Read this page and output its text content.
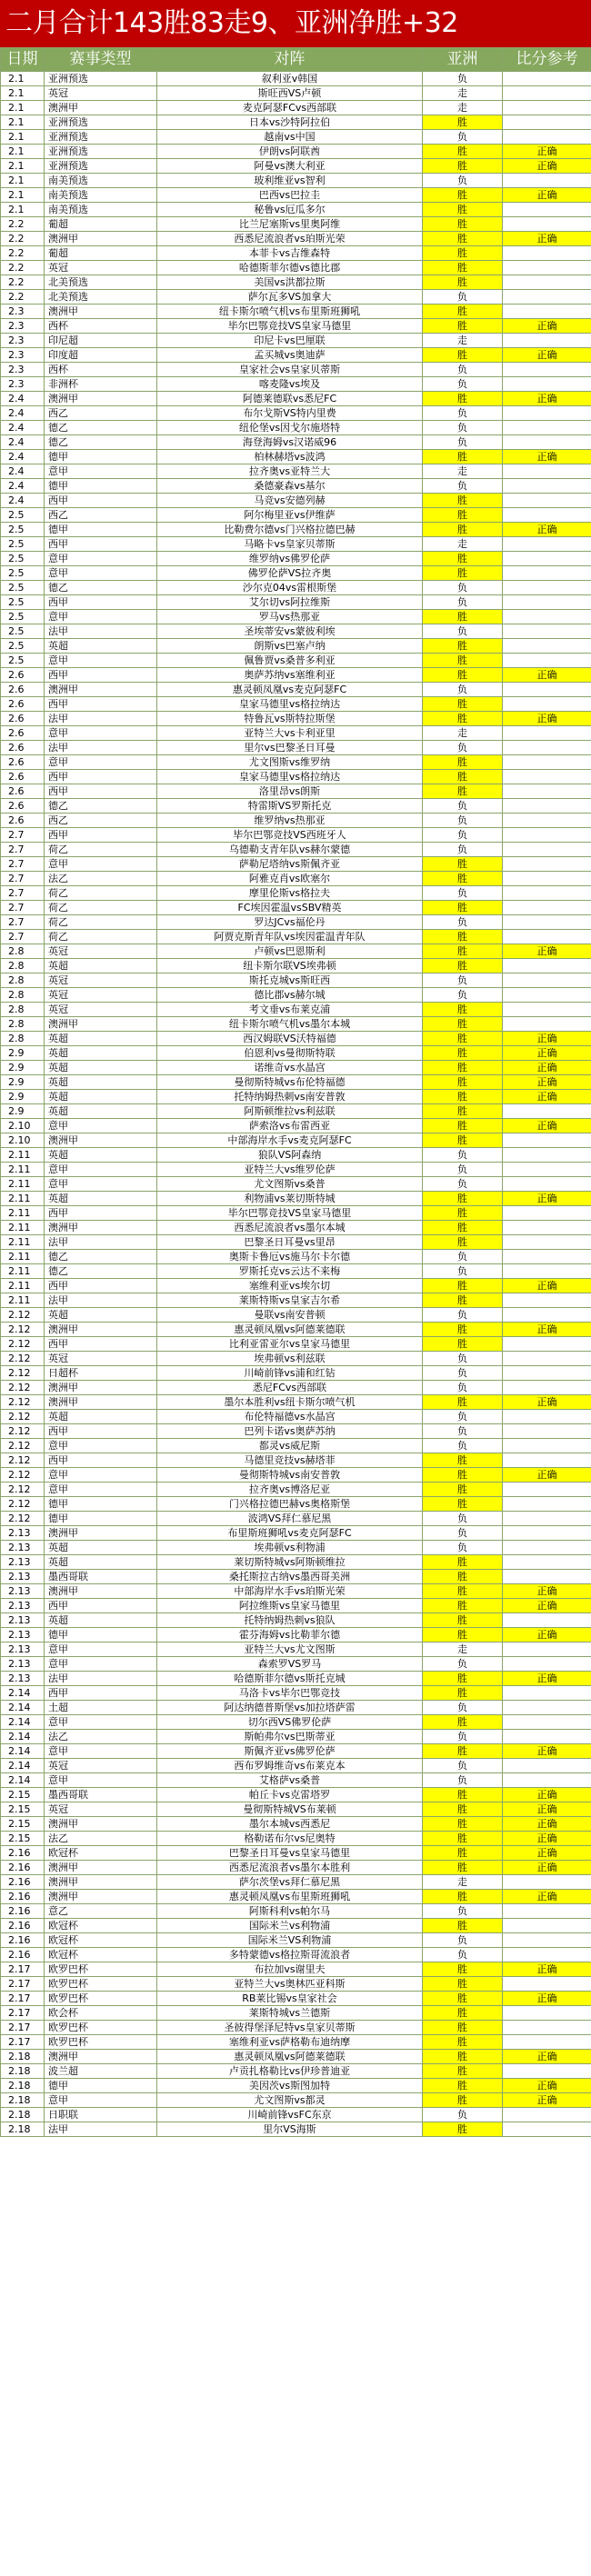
二月合计143胜83走9、亚洲净胜+32
日期	赛事类型	对阵	亚洲	比分参考
2.1	亚洲预选	叙利亚v韩国	负	
2.1	英冠	斯旺西VS卢顿	走	
2.1	澳洲甲	麦克阿瑟FCvs西部联	走	
2.1	亚洲预选	日本vs沙特阿拉伯	胜	
2.1	亚洲预选	越南vs中国	负	
2.1	亚洲预选	伊朗vs阿联酋	胜	正确
2.1	亚洲预选	阿曼vs澳大利亚	胜	正确
2.1	南美预选	玻利维亚vs智利	负	
2.1	南美预选	巴西vs巴拉圭	胜	正确
2.1	南美预选	秘鲁vs厄瓜多尔	胜	
2.2	葡超	比兰尼塞斯vs里奥阿维	胜	
2.2	澳洲甲	西悉尼流浪者vs珀斯光荣	胜	正确
2.2	葡超	本菲卡vs吉维森特	胜	
2.2	英冠	哈德斯菲尔德vs德比郡	胜	
2.2	北美预选	美国vs洪都拉斯	胜	
2.2	北美预选	萨尔瓦多VS加拿大	负	
2.3	澳洲甲	纽卡斯尔喷气机vs布里斯班狮吼	胜	
2.3	西杯	毕尔巴鄂竞技VS皇家马德里	胜	正确
2.3	印尼超	印尼卡vs巴厘联	走	
2.3	印度超	孟买城vs奥迪萨	胜	正确
2.3	西杯	皇家社会vs皇家贝蒂斯	负	
2.3	非洲杯	喀麦隆vs埃及	负	
2.4	澳洲甲	阿德莱德联vs悉尼FC	胜	正确
2.4	西乙	布尔戈斯VS特内里费	负	
2.4	德乙	纽伦堡vs因戈尔施塔特	负	
2.4	德乙	海登海姆vs汉诺威96	负	
2.4	德甲	柏林赫塔vs波鸿	胜	正确
2.4	意甲	拉齐奥vs亚特兰大	走	
2.4	德甲	桑德豪森vs基尔	负	
2.4	西甲	马竞vs安德列赫	胜	
2.5	西乙	阿尔梅里亚vs伊维萨	胜	
2.5	德甲	比勒费尔德vs门兴格拉德巴赫	胜	正确
2.5	西甲	马略卡vs皇家贝蒂斯	走	
2.5	意甲	维罗纳vs佛罗伦萨	胜	
2.5	意甲	佛罗伦萨VS拉齐奥	胜	
2.5	德乙	沙尔克04vs雷根斯堡	负	
2.5	西甲	艾尔切vs阿拉维斯	负	
2.5	意甲	罗马vs热那亚	胜	
2.5	法甲	圣埃蒂安vs蒙彼利埃	负	
2.5	英超	朗斯vs巴塞卢纳	胜	
2.5	意甲	佩鲁贾vs桑普多利亚	胜	
2.6	西甲	奥萨苏纳vs塞维利亚	胜	正确
2.6	澳洲甲	惠灵顿凤凰vs麦克阿瑟FC	负	
2.6	西甲	皇家马德里vs格拉纳达	胜	
2.6	法甲	特鲁瓦vs斯特拉斯堡	胜	正确
2.6	意甲	亚特兰大vs卡利亚里	走	
2.6	法甲	里尔vs巴黎圣日耳曼	负	
2.6	意甲	尤文图斯vs维罗纳	胜	
2.6	西甲	皇家马德里vs格拉纳达	胜	
2.6	西甲	洛里昂vs朗斯	胜	
2.6	德乙	特雷斯VS罗斯托克	负	
2.6	西乙	维罗纳vs热那亚	负	
2.7	西甲	毕尔巴鄂竞技VS西班牙人	负	
2.7	荷乙	乌德勒支青年队vs赫尔蒙德	负	
2.7	意甲	萨勒尼塔纳vs斯佩齐亚	胜	
2.7	法乙	阿雅克肖vs欧塞尔	胜	
2.7	荷乙	摩里伦斯vs格拉夫	负	
2.7	荷乙	FC埃因霍温vsSBV精英	胜	
2.7	荷乙	罗达JCvs福伦丹	负	
2.7	荷乙	阿贾克斯青年队vs埃因霍温青年队	胜	
2.8	英冠	卢顿vs巴恩斯利	胜	正确
2.8	英超	纽卡斯尔联VS埃弗顿	胜	
2.8	英冠	斯托克城vs斯旺西	负	
2.8	英冠	德比郡vs赫尔城	负	
2.8	英冠	考文垂vs布莱克浦	胜	
2.8	澳洲甲	纽卡斯尔喷气机vs墨尔本城	胜	
2.8	英超	西汉姆联VS沃特福德	胜	正确
2.9	英超	伯恩利vs曼彻斯特联	胜	正确
2.9	英超	诺维奇vs水晶宫	胜	正确
2.9	英超	曼彻斯特城vs布伦特福德	胜	正确
2.9	英超	托特纳姆热刺vs南安普敦	胜	正确
2.9	英超	阿斯顿维拉vs利兹联	胜	
2.10	意甲	萨索洛vs布雷西亚	胜	正确
2.10	澳洲甲	中部海岸水手vs麦克阿瑟FC	胜	
2.11	英超	狼队VS阿森纳	负	
2.11	意甲	亚特兰大vs维罗伦萨	负	
2.11	意甲	尤文图斯vs桑普	负	
2.11	英超	利物浦vs莱切斯特城	胜	正确
2.11	西甲	毕尔巴鄂竞技VS皇家马德里	胜	
2.11	澳洲甲	西悉尼流浪者vs墨尔本城	胜	
2.11	法甲	巴黎圣日耳曼vs里昂	胜	
2.11	德乙	奥斯卡鲁厄vs施马尔卡尔德	负	
2.11	德乙	罗斯托克vs云达不来梅	负	
2.11	西甲	塞维利亚vs埃尔切	胜	正确
2.11	法甲	莱斯特斯vs皇家吉尔希	胜	
2.12	英超	曼联vs南安普顿	负	
2.12	澳洲甲	惠灵顿凤凰vs阿德莱德联	胜	正确
2.12	西甲	比利亚雷亚尔vs皇家马德里	胜	
2.12	英冠	埃弗顿vs利兹联	负	
2.12	日超杯	川崎前锋vs浦和红钻	负	
2.12	澳洲甲	悉尼FCvs西部联	负	
2.12	澳洲甲	墨尔本胜利vs纽卡斯尔喷气机	胜	正确
2.12	英超	布伦特福德vs水晶宫	负	
2.12	西甲	巴列卡诺vs奥萨苏纳	负	
2.12	意甲	都灵vs威尼斯	负	
2.12	西甲	马德里竞技vs赫塔菲	胜	
2.12	意甲	曼彻斯特城vs南安普敦	胜	正确
2.12	意甲	拉齐奥vs博洛尼亚	胜	
2.12	德甲	门兴格拉德巴赫vs奥格斯堡	胜	
2.12	德甲	波鸿VS拜仁慕尼黑	负	
2.13	澳洲甲	布里斯班狮吼vs麦克阿瑟FC	负	
2.13	英超	埃弗顿vs利物浦	负	
2.13	英超	莱切斯特城vs阿斯顿维拉	胜	
2.13	墨西哥联	桑托斯拉古纳vs墨西哥美洲	胜	
2.13	澳洲甲	中部海岸水手vs珀斯光荣	胜	正确
2.13	西甲	阿拉维斯vs皇家马德里	胜	正确
2.13	英超	托特纳姆热刺vs狼队	胜	
2.13	德甲	霍芬海姆vs比勒菲尔德	胜	正确
2.13	意甲	亚特兰大vs尤文图斯	走	
2.13	意甲	森索罗VS罗马	负	
2.13	法甲	哈德斯菲尔德vs斯托克城	胜	正确
2.14	西甲	马洛卡vs毕尔巴鄂竞技	胜	
2.14	土超	阿达纳德普斯堡vs加拉塔萨雷	负	
2.14	意甲	切尔西VS佛罗伦萨	胜	
2.14	法乙	斯帕弗尔vs巴斯蒂亚	负	
2.14	意甲	斯佩齐亚vs佛罗伦萨	胜	正确
2.14	英冠	西布罗姆维奇vs布莱克本	负	
2.14	意甲	艾格萨vs桑普	负	
2.15	墨西哥联	帕丘卡vs克雷塔罗	胜	正确
2.15	英冠	曼彻斯特城VS布莱顿	胜	正确
2.15	澳洲甲	墨尔本城vs西悉尼	胜	正确
2.15	法乙	格勒诺布尔vs尼奥特	胜	正确
2.16	欧冠杯	巴黎圣日耳曼vs皇家马德里	胜	正确
2.16	澳洲甲	西悉尼流浪者vs墨尔本胜利	胜	正确
2.16	澳洲甲	萨尔茨堡vs拜仁慕尼黑	走	
2.16	澳洲甲	惠灵顿凤凰vs布里斯班狮吼	胜	正确
2.16	意乙	阿斯科利vs帕尔马	负	
2.16	欧冠杯	国际米兰vs利物浦	胜	
2.16	欧冠杯	国际米兰VS利物浦	负	
2.16	欧冠杯	多特蒙德vs格拉斯哥流浪者	负	
2.17	欧罗巴杯	布拉加vs谢里夫	胜	正确
2.17	欧罗巴杯	亚特兰大vs奥林匹亚科斯	胜	
2.17	欧罗巴杯	RB莱比锡vs皇家社会	胜	正确
2.17	欧会杯	莱斯特城vs兰德斯	胜	
2.17	欧罗巴杯	圣彼得堡泽尼特vs皇家贝蒂斯	胜	
2.17	欧罗巴杯	塞维利亚vs萨格勒布迪纳摩	胜	
2.18	澳洲甲	惠灵顿凤凰vs阿德莱德联	胜	正确
2.18	波兰超	卢贡扎格勒比vs伊珍普迪亚	胜	
2.18	德甲	美因茨vs斯图加特	胜	正确
2.18	意甲	尤文图斯vs都灵	胜	正确
2.18	日职联	川崎前锋vsFC东京	负	
2.18	法甲	里尔VS海斯	胜	
